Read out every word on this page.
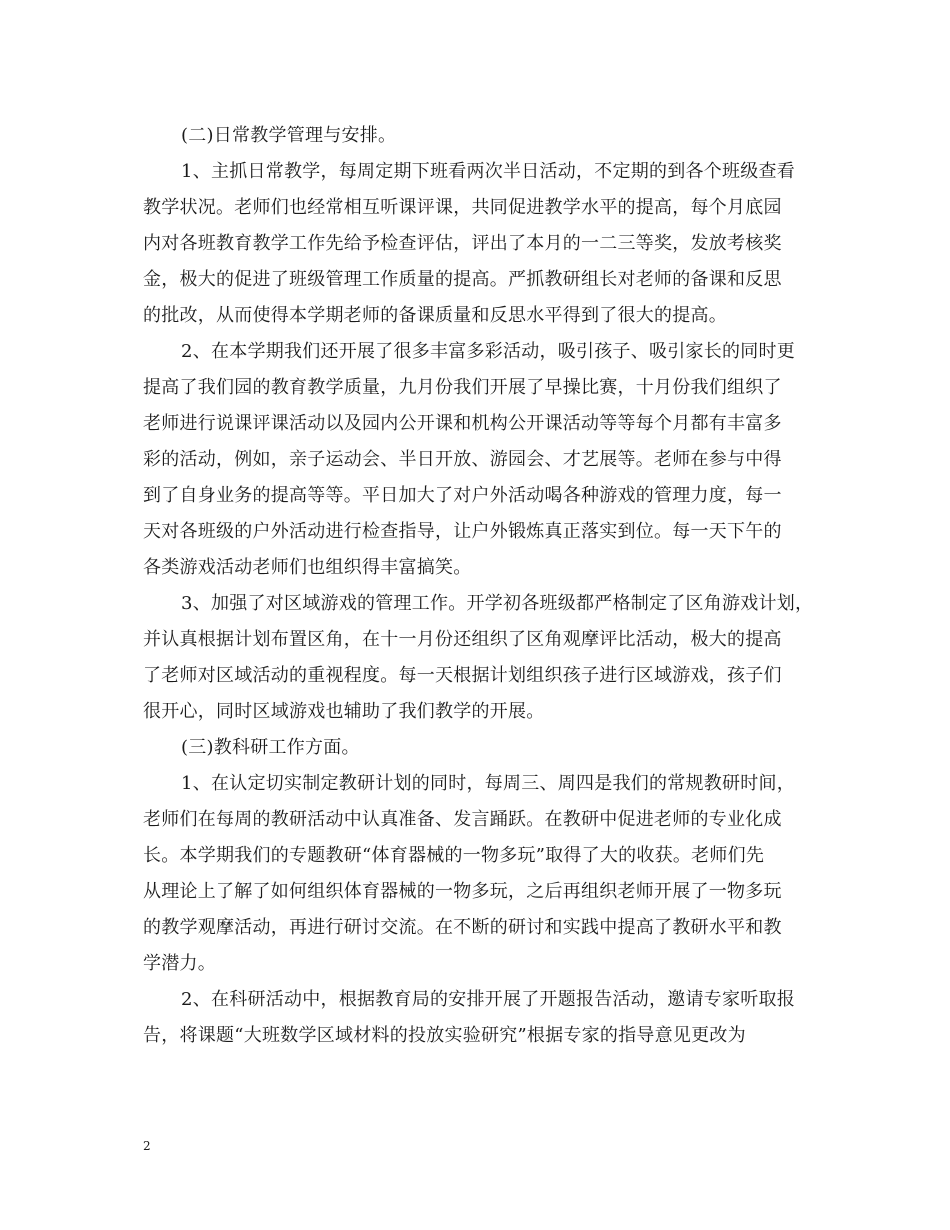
(二)日常教学管理与安排。
1、主抓日常教学，每周定期下班看两次半日活动，不定期的到各个班级查看
教学状况。老师们也经常相互听课评课，共同促进教学水平的提高，每个月底园
内对各班教育教学工作先给予检查评估，评出了本月的一二三等奖，发放考核奖
金，极大的促进了班级管理工作质量的提高。严抓教研组长对老师的备课和反思
的批改，从而使得本学期老师的备课质量和反思水平得到了很大的提高。
2、在本学期我们还开展了很多丰富多彩活动，吸引孩子、吸引家长的同时更
提高了我们园的教育教学质量，九月份我们开展了早操比赛，十月份我们组织了
老师进行说课评课活动以及园内公开课和机构公开课活动等等每个月都有丰富多
彩的活动，例如，亲子运动会、半日开放、游园会、才艺展等。老师在参与中得
到了自身业务的提高等等。平日加大了对户外活动喝各种游戏的管理力度，每一
天对各班级的户外活动进行检查指导，让户外锻炼真正落实到位。每一天下午的
各类游戏活动老师们也组织得丰富搞笑。
3、加强了对区域游戏的管理工作。开学初各班级都严格制定了区角游戏计划，
并认真根据计划布置区角，在十一月份还组织了区角观摩评比活动，极大的提高
了老师对区域活动的重视程度。每一天根据计划组织孩子进行区域游戏，孩子们
很开心，同时区域游戏也辅助了我们教学的开展。
(三)教科研工作方面。
1、在认定切实制定教研计划的同时，每周三、周四是我们的常规教研时间，
老师们在每周的教研活动中认真准备、发言踊跃。在教研中促进老师的专业化成
长。本学期我们的专题教研“体育器械的一物多玩”取得了大的收获。老师们先
从理论上了解了如何组织体育器械的一物多玩，之后再组织老师开展了一物多玩
的教学观摩活动，再进行研讨交流。在不断的研讨和实践中提高了教研水平和教
学潜力。
2、在科研活动中，根据教育局的安排开展了开题报告活动，邀请专家听取报
告，将课题“大班数学区域材料的投放实验研究”根据专家的指导意见更改为
2
